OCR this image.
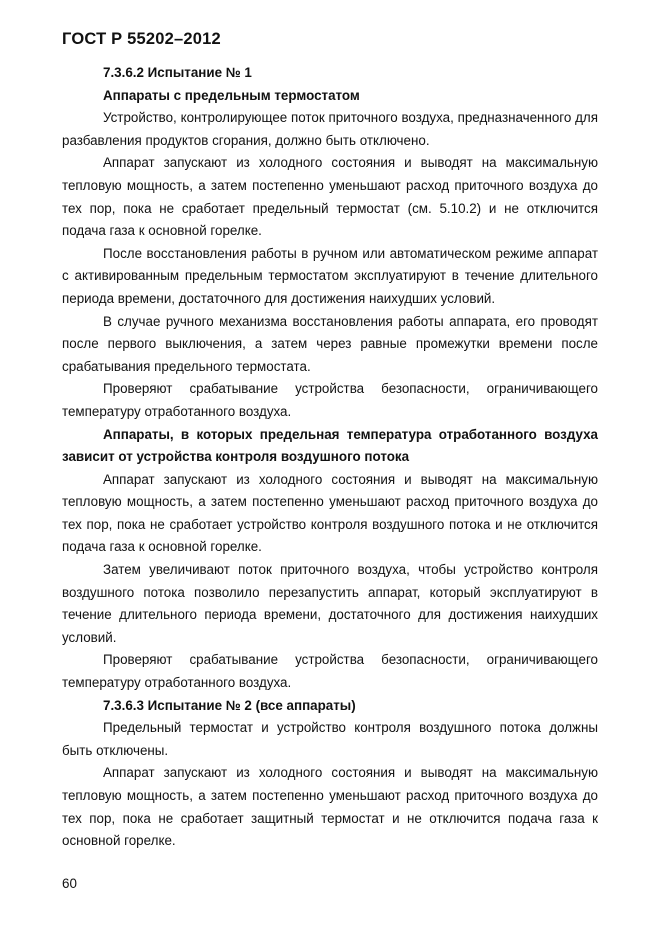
ГОСТ Р 55202–2012

7.3.6.2 Испытание № 1

Аппараты с предельным термостатом

Устройство, контролирующее поток приточного воздуха, предназначенного для разбавления продуктов сгорания, должно быть отключено.

Аппарат запускают из холодного состояния и выводят на максимальную тепловую мощность, а затем постепенно уменьшают расход приточного воздуха до тех пор, пока не сработает предельный термостат (см. 5.10.2) и не отключится подача газа к основной горелке.

После восстановления работы в ручном или автоматическом режиме аппарат с активированным предельным термостатом эксплуатируют в течение длительного периода времени, достаточного для достижения наихудших условий.

В случае ручного механизма восстановления работы аппарата, его проводят после первого выключения, а затем через равные промежутки времени после срабатывания предельного термостата.

Проверяют срабатывание устройства безопасности, ограничивающего температуру отработанного воздуха.

Аппараты, в которых предельная температура отработанного воздуха зависит от устройства контроля воздушного потока

Аппарат запускают из холодного состояния и выводят на максимальную тепловую мощность, а затем постепенно уменьшают расход приточного воздуха до тех пор, пока не сработает устройство контроля воздушного потока и не отключится подача газа к основной горелке.

Затем увеличивают поток приточного воздуха, чтобы устройство контроля воздушного потока позволило перезапустить аппарат, который эксплуатируют в течение длительного периода времени, достаточного для достижения наихудших условий.

Проверяют срабатывание устройства безопасности, ограничивающего температуру отработанного воздуха.

7.3.6.3 Испытание № 2 (все аппараты)

Предельный термостат и устройство контроля воздушного потока должны быть отключены.

Аппарат запускают из холодного состояния и выводят на максимальную тепловую мощность, а затем постепенно уменьшают расход приточного воздуха до тех пор, пока не сработает защитный термостат и не отключится подача газа к основной горелке.

60
